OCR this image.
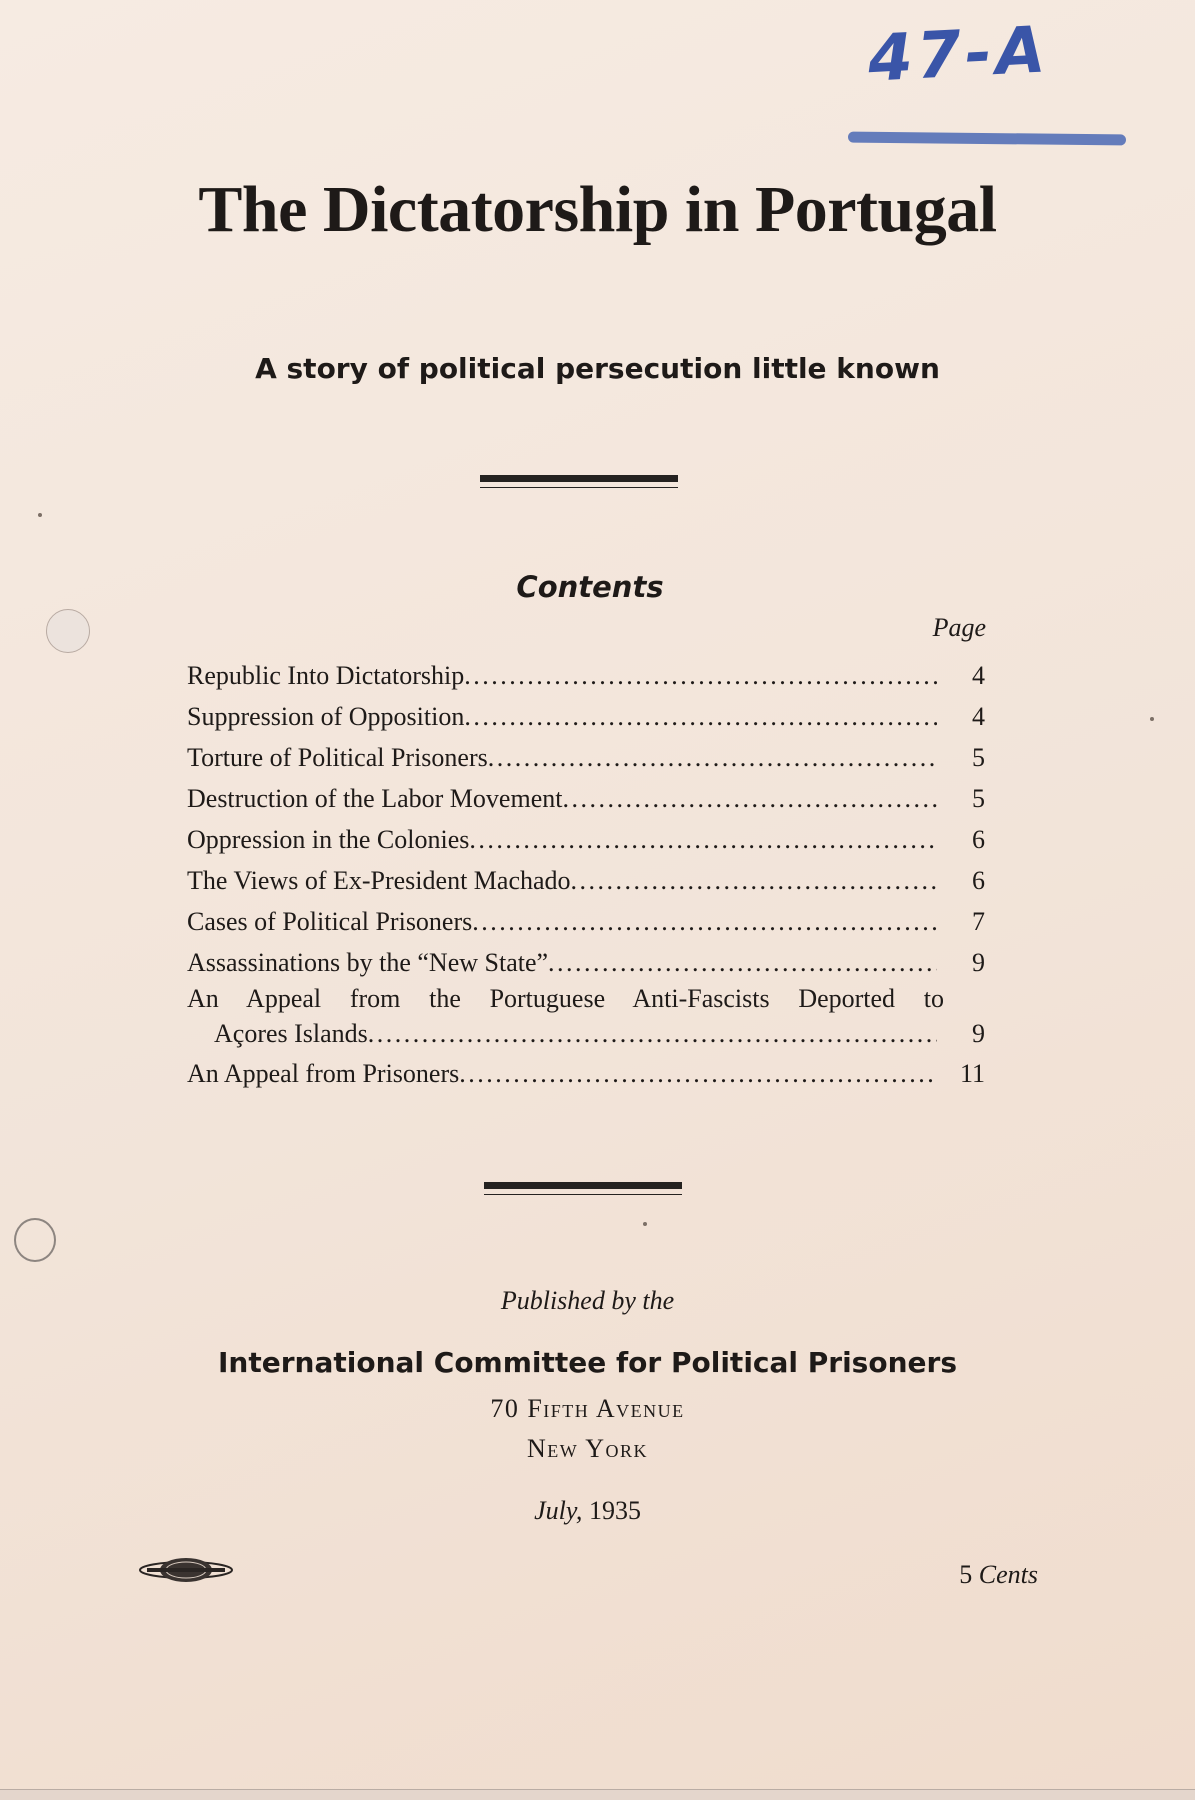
47-A
The Dictatorship in Portugal
A story of political persecution little known
Contents
Page
Republic Into Dictatorship . . .	4
Suppression of Opposition . . .	4
Torture of Political Prisoners . . .	5
Destruction of the Labor Movement . . .	5
Oppression in the Colonies . . .	6
The Views of Ex-President Machado . . .	6
Cases of Political Prisoners . . .	7
Assassinations by the “New State” . . .	9
An Appeal from the Portuguese Anti-Fascists Deported to
Açores Islands . . .	9
An Appeal from Prisoners . . .	11
Published by the
International Committee for Political Prisoners
70 Fifth Avenue
New York
July, 1935
5 Cents
